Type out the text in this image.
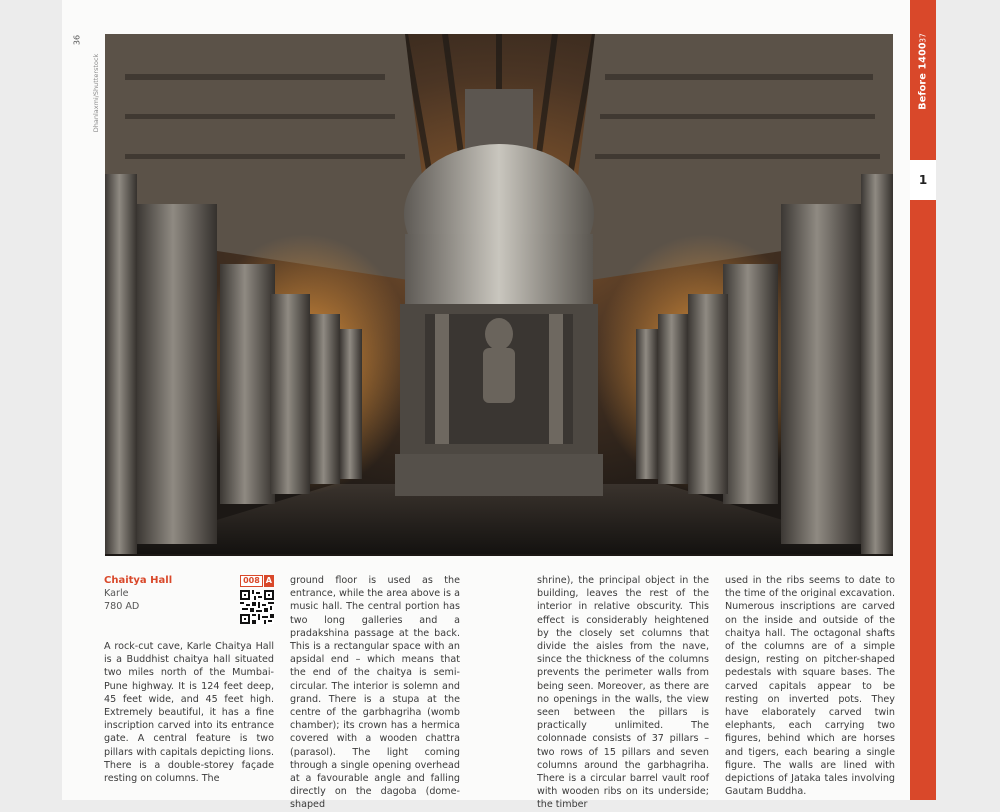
36
Dhanlaxmi/Shutterstock	Before 1400
1
Chaitya Hall
Karle
780 AD
008 A

A rock-cut cave, Karle Chaitya Hall is a Buddhist chaitya hall situated two miles north of the Mumbai-Pune highway. It is 124 feet deep, 45 feet wide, and 45 feet high. Extremely beautiful, it has a fine inscription carved into its entrance gate. A central feature is two pillars with capitals depicting lions. There is a double-storey façade resting on columns. The

ground floor is used as the entrance, while the area above is a music hall. The central portion has two long galleries and a pradakshina passage at the back. This is a rectangular space with an apsidal end – which means that the end of the chaitya is semi-circular. The interior is solemn and grand. There is a stupa at the centre of the garbhagriha (womb chamber); its crown has a hermica covered with a wooden chattra (parasol). The light coming through a single opening overhead at a favourable angle and falling directly on the dagoba (dome-shaped

shrine), the principal object in the building, leaves the rest of the interior in relative obscurity. This effect is considerably heightened by the closely set columns that divide the aisles from the nave, since the thickness of the columns prevents the perimeter walls from being seen. Moreover, as there are no openings in the walls, the view seen between the pillars is practically unlimited. The colonnade consists of 37 pillars – two rows of 15 pillars and seven columns around the garbhagriha. There is a circular barrel vault roof with wooden ribs on its underside; the timber

used in the ribs seems to date to the time of the original excavation. Numerous inscriptions are carved on the inside and outside of the chaitya hall. The octagonal shafts of the columns are of a simple design, resting on pitcher-shaped pedestals with square bases. The carved capitals appear to be resting on inverted pots. They have elaborately carved twin elephants, each carrying two figures, behind which are horses and tigers, each bearing a single figure. The walls are lined with depictions of Jataka tales involving Gautam Buddha.

37
